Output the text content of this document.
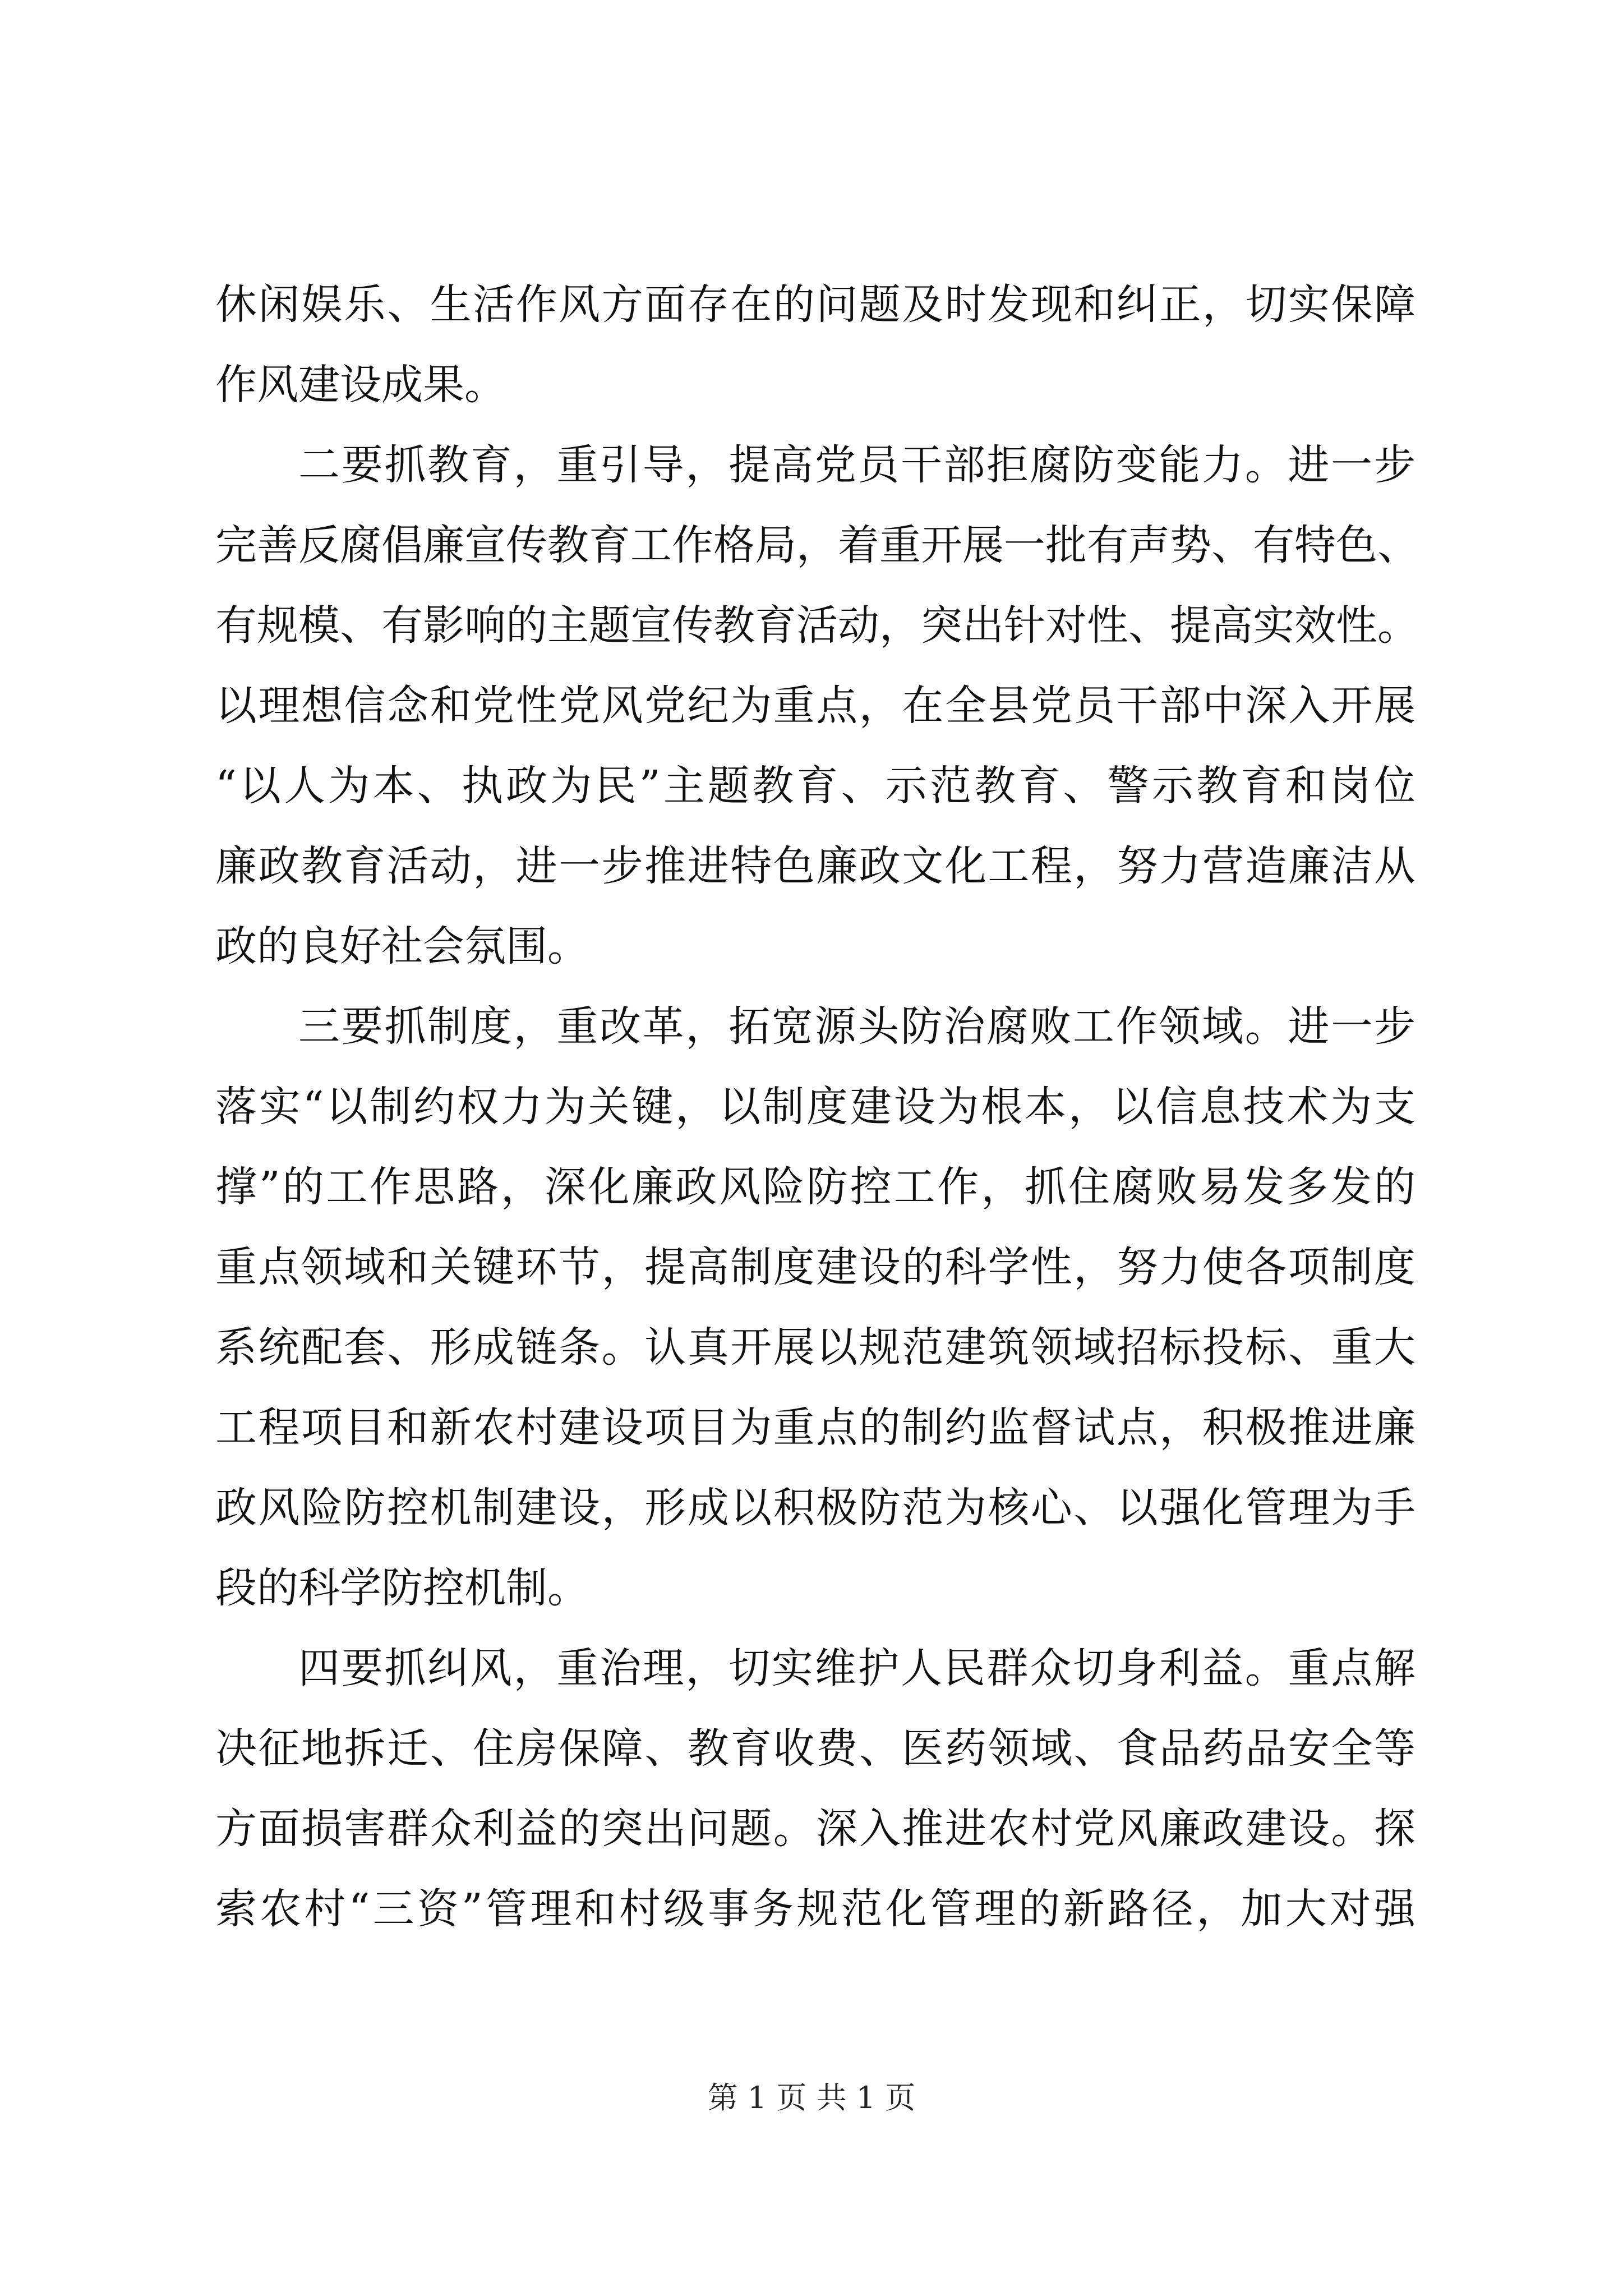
休闲娱乐、生活作风方面存在的问题及时发现和纠正，切实保障
作风建设成果。
二要抓教育，重引导，提高党员干部拒腐防变能力。进一步
完善反腐倡廉宣传教育工作格局，着重开展一批有声势、有特色、
有规模、有影响的主题宣传教育活动，突出针对性、提高实效性。
以理想信念和党性党风党纪为重点，在全县党员干部中深入开展
“以人为本、执政为民”主题教育、示范教育、警示教育和岗位
廉政教育活动，进一步推进特色廉政文化工程，努力营造廉洁从
政的良好社会氛围。
三要抓制度，重改革，拓宽源头防治腐败工作领域。进一步
落实“以制约权力为关键，以制度建设为根本，以信息技术为支
撑”的工作思路，深化廉政风险防控工作，抓住腐败易发多发的
重点领域和关键环节，提高制度建设的科学性，努力使各项制度
系统配套、形成链条。认真开展以规范建筑领域招标投标、重大
工程项目和新农村建设项目为重点的制约监督试点，积极推进廉
政风险防控机制建设，形成以积极防范为核心、以强化管理为手
段的科学防控机制。
四要抓纠风，重治理，切实维护人民群众切身利益。重点解
决征地拆迁、住房保障、教育收费、医药领域、食品药品安全等
方面损害群众利益的突出问题。深入推进农村党风廉政建设。探
索农村“三资”管理和村级事务规范化管理的新路径，加大对强
第 1 页 共 1 页
